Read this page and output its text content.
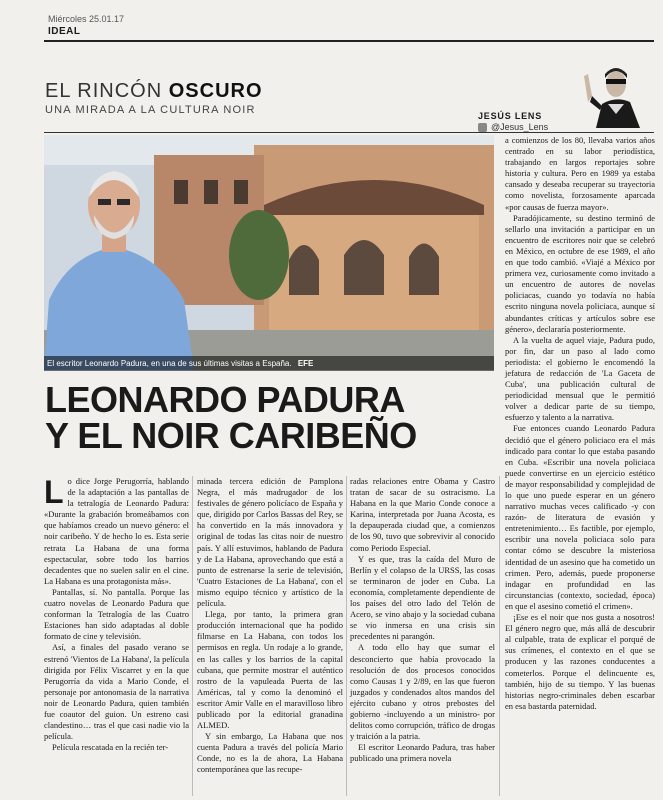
Miércoles 25.01.17
IDEAL
EL RINCÓN OSCURO
UNA MIRADA A LA CULTURA NOIR	JESÚS LENS
@Jesus_Lens
El escritor Leonardo Padura, en una de sus últimas visitas a España. EFE
LEONARDO PADURA
Y EL NOIR CARIBEÑO

Lo dice Jorge Perugorría, hablando de la adaptación a las pantallas de la tetralogía de Leonardo Padura: «Durante la grabación bromeábamos con que habíamos creado un nuevo género: el noir caribeño. Y de hecho lo es. Esta serie retrata La Habana de una forma espectacular, sobre todo los barrios decadentes que no suelen salir en el cine. La Habana es una protagonista más».

Pantallas, sí. No pantalla. Porque las cuatro novelas de Leonardo Padura que conforman la Tetralogía de las Cuatro Estaciones han sido adaptadas al doble formato de cine y televisión.

Así, a finales del pasado verano se estrenó 'Vientos de La Habana', la película dirigida por Félix Viscarret y en la que Perugorría da vida a Mario Conde, el personaje por antonomasia de la narrativa noir de Leonardo Padura, quien también fue coautor del guion. Un estreno casi clandestino… tras el que casi nadie vio la película.

Película rescatada en la recién ter-

minada tercera edición de Pamplona Negra, el más madrugador de los festivales de género policíaco de España y que, dirigido por Carlos Bassas del Rey, se ha convertido en la más innovadora y original de todas las citas noir de nuestro país. Y allí estuvimos, hablando de Padura y de La Habana, aprovechando que está a punto de estrenarse la serie de televisión, 'Cuatro Estaciones de La Habana', con el mismo equipo técnico y artístico de la película.

Llega, por tanto, la primera gran producción internacional que ha podido filmarse en La Habana, con todos los permisos en regla. Un rodaje a lo grande, en las calles y los barrios de la capital cubana, que permite mostrar el auténtico rostro de la vapuleada Puerta de las Américas, tal y como la denominó el escritor Amir Valle en el maravilloso libro publicado por la editorial granadina ALMED.

Y sin embargo, La Habana que nos cuenta Padura a través del policía Mario Conde, no es la de ahora, La Habana contemporánea que las recupe-

radas relaciones entre Obama y Castro tratan de sacar de su ostracismo. La Habana en la que Mario Conde conoce a Karina, interpretada por Juana Acosta, es la depauperada ciudad que, a comienzos de los 90, tuvo que sobrevivir al conocido como Periodo Especial.

Y es que, tras la caída del Muro de Berlín y el colapso de la URSS, las cosas se terminaron de joder en Cuba. La economía, completamente dependiente de los países del otro lado del Telón de Acero, se vino abajo y la sociedad cubana se vio inmersa en una crisis sin precedentes ni parangón.

A todo ello hay que sumar el desconcierto que había provocado la resolución de dos procesos conocidos como Causas 1 y 2/89, en las que fueron juzgados y condenados altos mandos del ejército cubano y otros prebostes del gobierno -incluyendo a un ministro- por delitos como corrupción, tráfico de drogas y traición a la patria.

El escritor Leonardo Padura, tras haber publicado una primera novela

a comienzos de los 80, llevaba varios años centrado en su labor periodística, trabajando en largos reportajes sobre historia y cultura. Pero en 1989 ya estaba cansado y deseaba recuperar su trayectoria como novelista, forzosamente aparcada «por causas de fuerza mayor».

Paradójicamente, su destino terminó de sellarlo una invitación a participar en un encuentro de escritores noir que se celebró en México, en octubre de ese 1989, el año en que todo cambió. «Viajé a México por primera vez, curiosamente como invitado a un encuentro de autores de novelas policiacas, cuando yo todavía no había escrito ninguna novela policiaca, aunque sí abundantes críticas y artículos sobre ese género», declararía posteriormente.

A la vuelta de aquel viaje, Padura pudo, por fin, dar un paso al lado como periodista: el gobierno le encomendó la jefatura de redacción de 'La Gaceta de Cuba', una publicación cultural de periodicidad mensual que le permitió volver a dedicar parte de su tiempo, esfuerzo y talento a la narrativa.

Fue entonces cuando Leonardo Padura decidió que el género policiaco era el más indicado para contar lo que estaba pasando en Cuba. «Escribir una novela policiaca puede convertirse en un ejercicio estético de mayor responsabilidad y complejidad de lo que uno puede esperar en un género narrativo muchas veces calificado -y con razón- de literatura de evasión y entretenimiento… Es factible, por ejemplo, escribir una novela policiaca solo para contar cómo se descubre la misteriosa identidad de un asesino que ha cometido un crimen. Pero, además, puede proponerse indagar en profundidad en las circunstancias (contexto, sociedad, época) en que el asesino cometió el crimen».

¡Ese es el noir que nos gusta a nosotros! El género negro que, más allá de descubrir al culpable, trata de explicar el porqué de sus crímenes, el contexto en el que se producen y las razones conducentes a cometerlos. Porque el delincuente es, también, hijo de su tiempo. Y las buenas historias negro-criminales deben escarbar en esa bastarda paternidad.
